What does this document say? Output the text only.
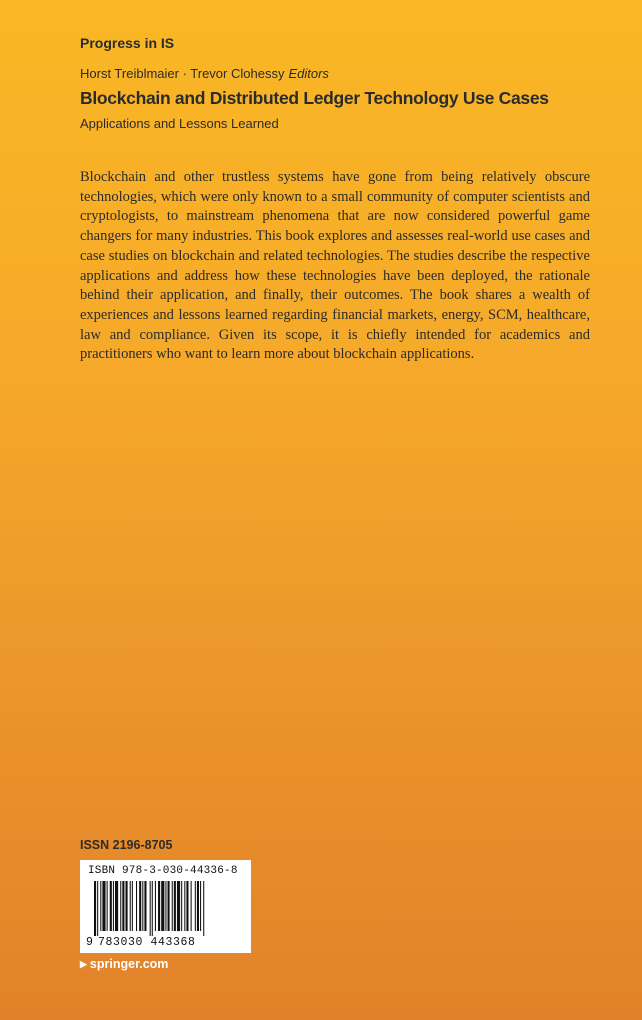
Progress in IS
Horst Treiblmaier · Trevor Clohessy Editors
Blockchain and Distributed Ledger Technology Use Cases
Applications and Lessons Learned

Blockchain and other trustless systems have gone from being relatively obscure technologies, which were only known to a small community of computer scientists and cryptologists, to mainstream phenomena that are now considered powerful game changers for many industries. This book explores and assesses real-world use cases and case studies on blockchain and related technologies. The studies describe the respective applications and address how these technologies have been deployed, the rationale behind their application, and finally, their outcomes. The book shares a wealth of experiences and lessons learned regarding financial markets, energy, SCM, healthcare, law and compliance. Given its scope, it is chiefly intended for academics and practitioners who want to learn more about blockchain applications.

ISSN 2196-8705
ISBN 978-3-030-44336-8
9 783030 443368
▶ springer.com
